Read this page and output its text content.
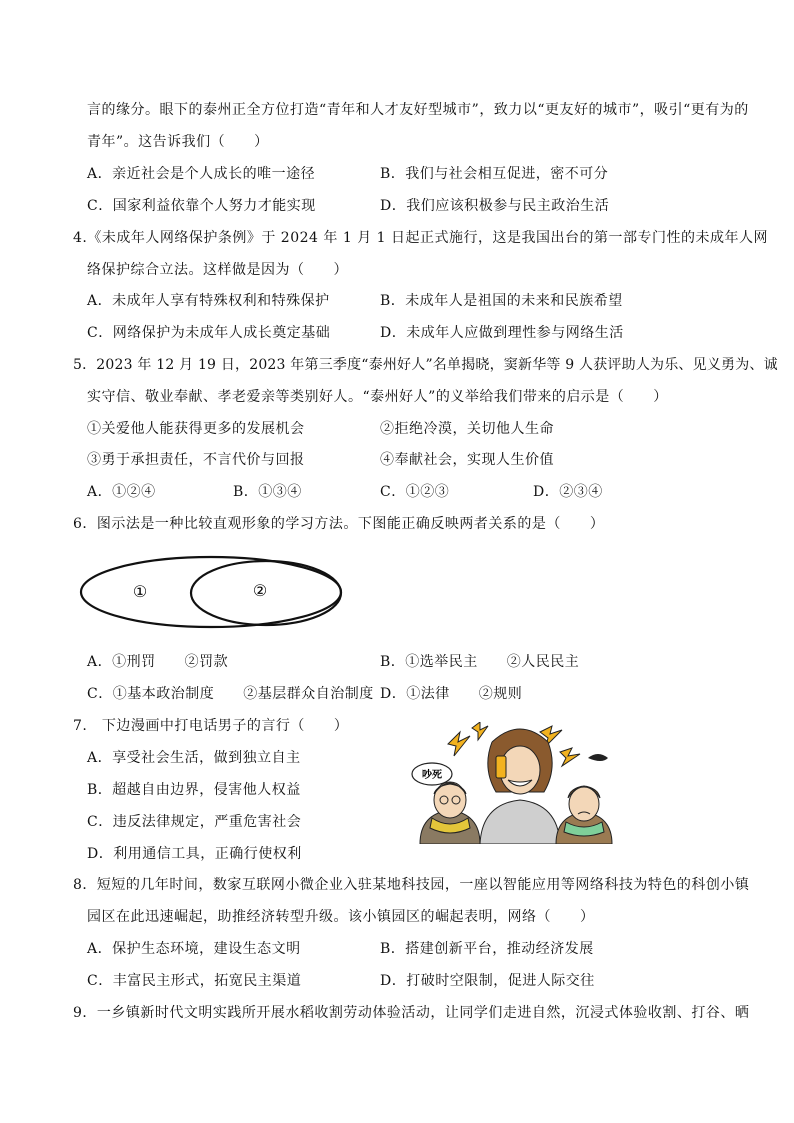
言的缘分。眼下的泰州正全方位打造“青年和人才友好型城市”，致力以“更友好的城市”，吸引“更有为的
青年”。这告诉我们（　　）
A．亲近社会是个人成长的唯一途径	B．我们与社会相互促进，密不可分
C．国家利益依靠个人努力才能实现	D．我们应该积极参与民主政治生活
4.《未成年人网络保护条例》于 2024 年 1 月 1 日起正式施行，这是我国出台的第一部专门性的未成年人网
络保护综合立法。这样做是因为（　　）
A．未成年人享有特殊权利和特殊保护	B．未成年人是祖国的未来和民族希望
C．网络保护为未成年人成长奠定基础	D．未成年人应做到理性参与网络生活
5．2023 年 12 月 19 日，2023 年第三季度“泰州好人”名单揭晓，窦新华等 9 人获评助人为乐、见义勇为、诚
实守信、敬业奉献、孝老爱亲等类别好人。“泰州好人”的义举给我们带来的启示是（　　）
①关爱他人能获得更多的发展机会	②拒绝冷漠，关切他人生命
③勇于承担责任，不言代价与回报	④奉献社会，实现人生价值
A．①②④	B．①③④	C．①②③	D．②③④
6．图示法是一种比较直观形象的学习方法。下图能正确反映两者关系的是（　　）
①	②
A．①刑罚　　②罚款	B．①选举民主　　②人民民主
C．①基本政治制度　　②基层群众自治制度 D．①法律　　②规则
7.　下边漫画中打电话男子的言行（　　）
A．享受社会生活，做到独立自主
B．超越自由边界，侵害他人权益
C．违反法律规定，严重危害社会
D．利用通信工具，正确行使权利
吵死
8．短短的几年时间，数家互联网小微企业入驻某地科技园，一座以智能应用等网络科技为特色的科创小镇
园区在此迅速崛起，助推经济转型升级。该小镇园区的崛起表明，网络（　　）
A．保护生态环境，建设生态文明	B．搭建创新平台，推动经济发展
C．丰富民主形式，拓宽民主渠道	D．打破时空限制，促进人际交往
9．一乡镇新时代文明实践所开展水稻收割劳动体验活动，让同学们走进自然，沉浸式体验收割、打谷、晒
